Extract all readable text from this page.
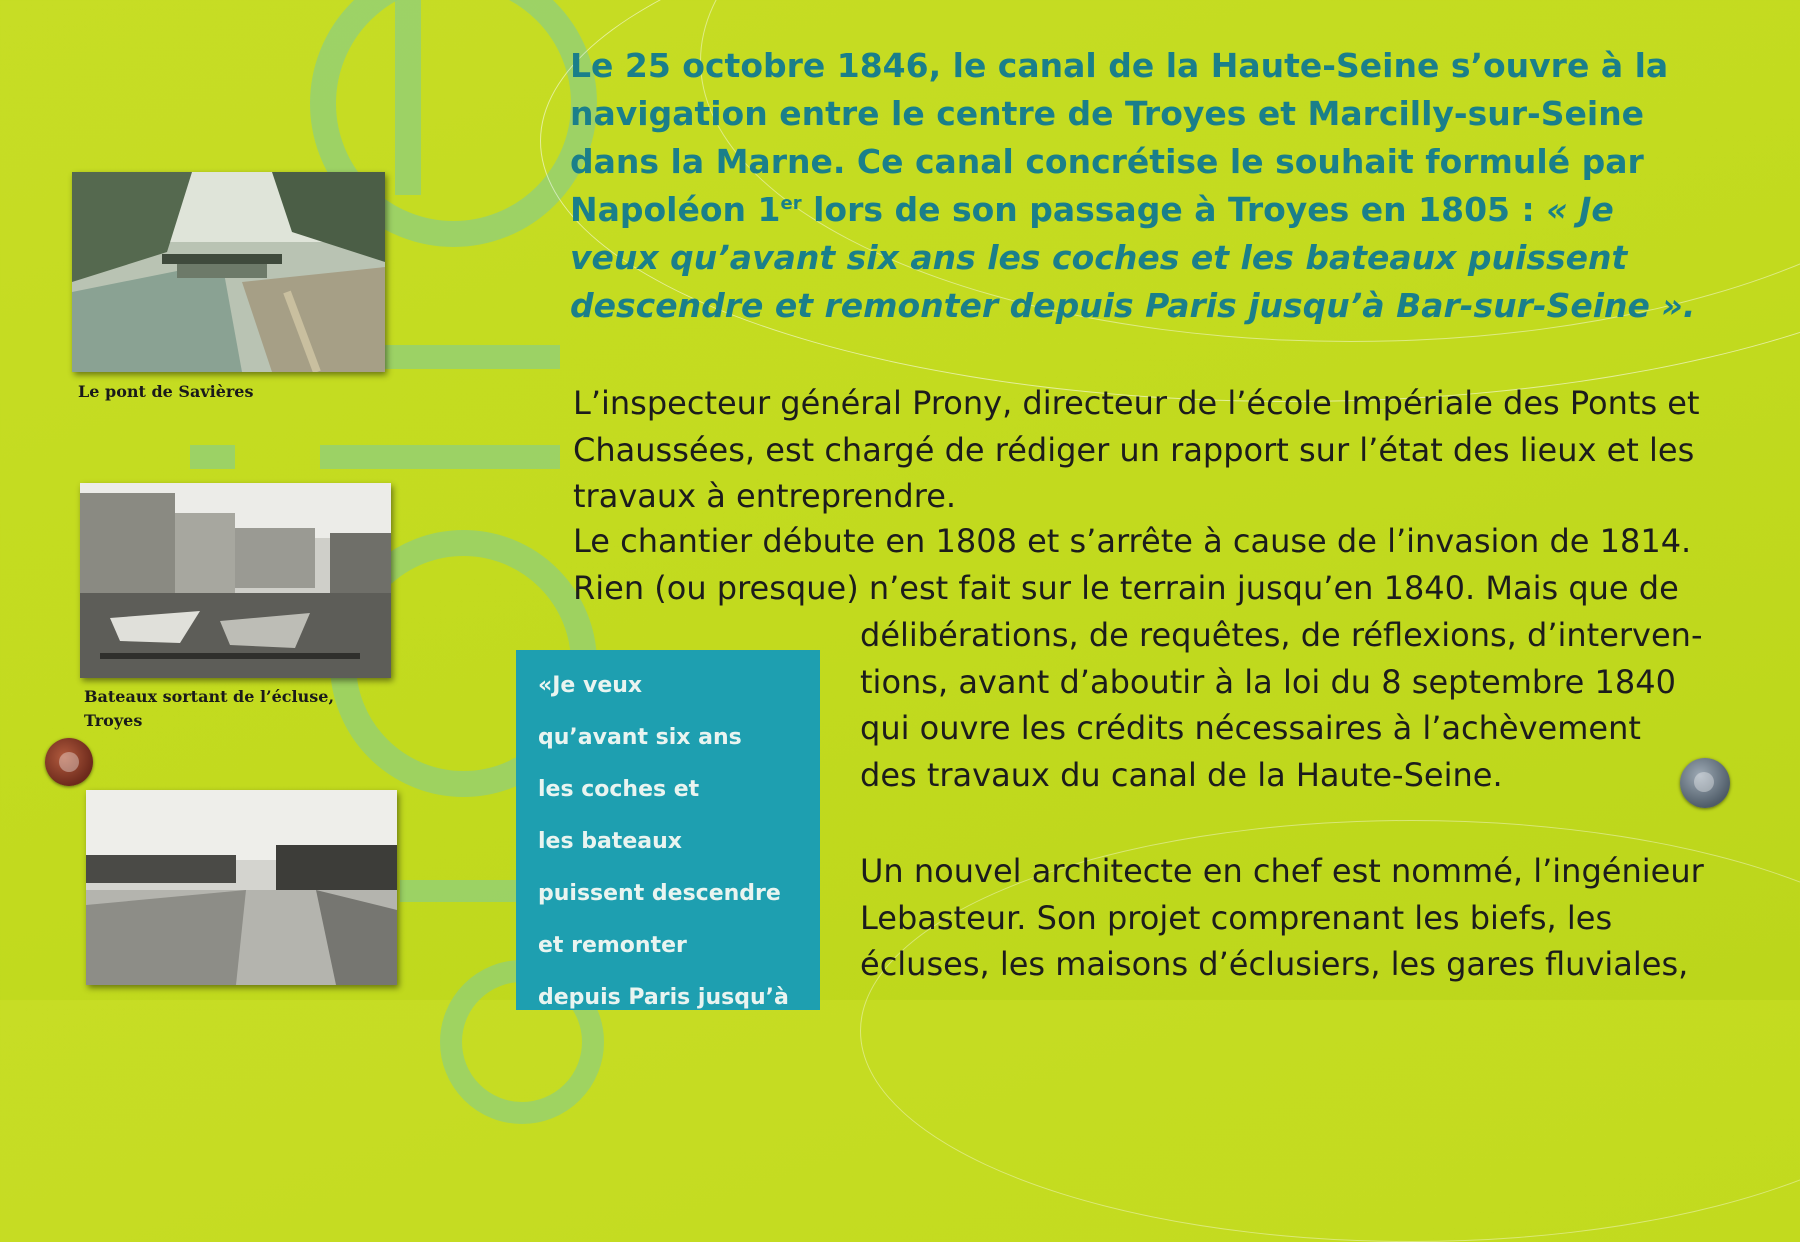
Le pont de Savières
Bateaux sortant de l’écluse, Troyes
Le 25 octobre 1846, le canal de la Haute-Seine s’ouvre à la navigation entre le centre de Troyes et Marcilly-sur-Seine dans la Marne. Ce canal concrétise le souhait formulé par Napoléon 1er lors de son passage à Troyes en 1805 : « Je veux qu’avant six ans les coches et les bateaux puissent descendre et remonter depuis Paris jusqu’à Bar-sur-Seine ».
L’inspecteur général Prony, directeur de l’école Impériale des Ponts et Chaussées, est chargé de rédiger un rapport sur l’état des lieux et les travaux à entreprendre.
Le chantier débute en 1808 et s’arrête à cause de l’invasion de 1814.
Rien (ou presque) n’est fait sur le terrain jusqu’en 1840. Mais que de
délibérations, de requêtes, de réflexions, d’interven-tions, avant d’aboutir à la loi du 8 septembre 1840 qui ouvre les crédits nécessaires à l’achèvement des travaux du canal de la Haute-Seine.
Un nouvel architecte en chef est nommé, l’ingénieur Lebasteur. Son projet comprenant les biefs, les écluses, les maisons d’éclusiers, les gares fluviales,
«Je veux
qu’avant six ans
les coches et
les bateaux
puissent descendre
et remonter
depuis Paris jusqu’à
